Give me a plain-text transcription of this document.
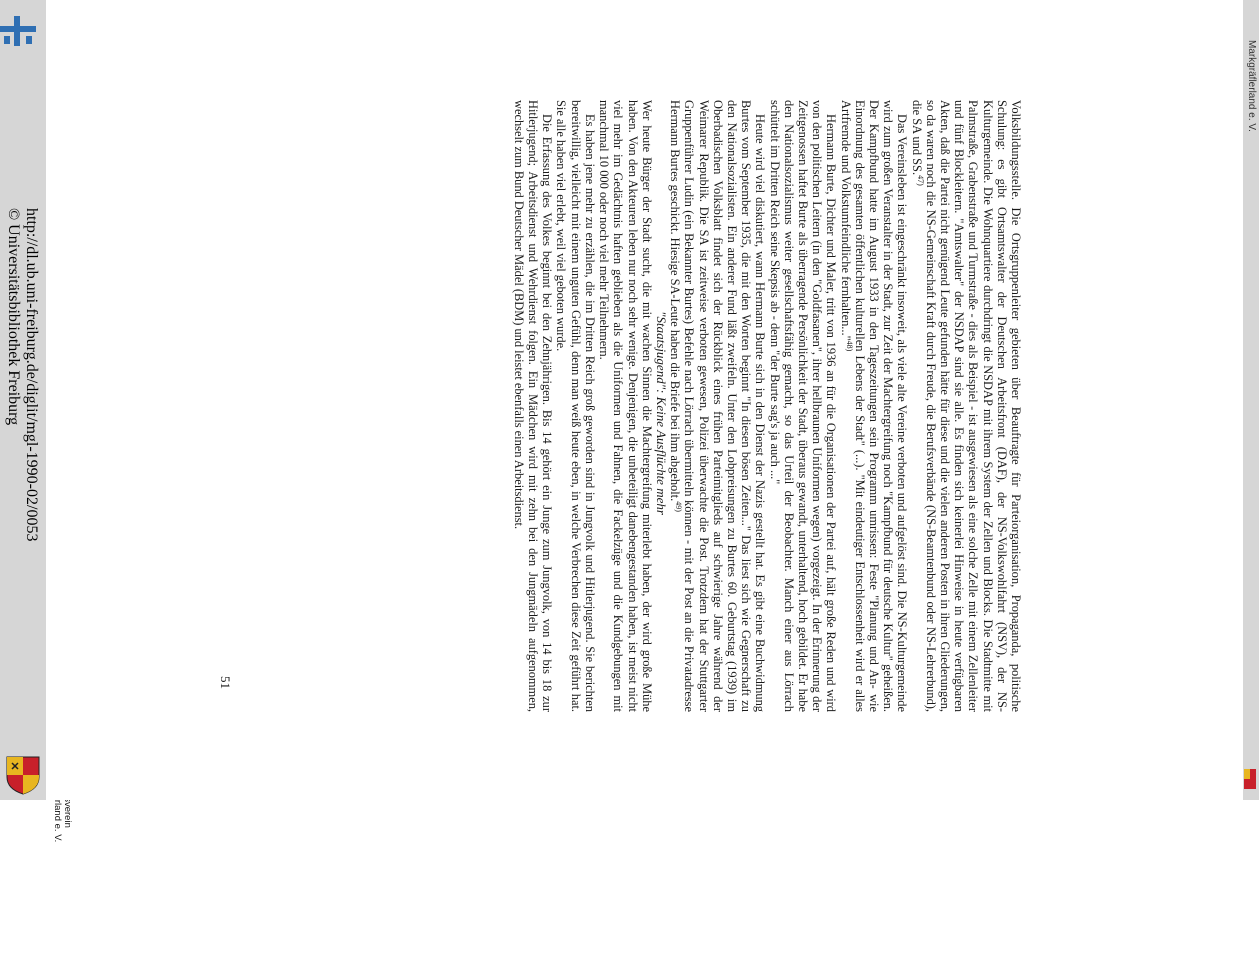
http://dl.ub.uni-freiburg.de/diglit/mgl-1990-02/0053
© Universitätsbibliothek Freiburg	Volksbildungsstelle. Die Ortsgruppenleiter gebieten über Beauftragte für Parteiorganisation, Propaganda, politische Schulung: es gibt Ortsamtswalter der Deutschen Arbeitsfront (DAF), der NS-Volkswohlfahrt (NSV), der NS-Kulturgemeinde. Die Wohnquartiere durchdringt die NSDAP mit ihrem System der Zellen und Blocks. Die Stadtmitte mit Palmstraße, Grabenstraße und Turmstraße - dies als Beispiel - ist ausgewiesen als eine solche Zelle mit einem Zellenleiter und fünf Blockleitern. "Amtswalter" der NSDAP sind sie alle. Es finden sich keinerlei Hinweise in heute verfügbaren Akten, daß die Partei nicht genügend Leute gefunden hätte für diese und die vielen anderen Posten in ihren Gliederungen, so da waren noch die NS-Gemeinschaft Kraft durch Freude, die Berufsverbände (NS-Beamtenbund oder NS-Lehrerbund), die SA und SS.$^{47)}$

Das Vereinsleben ist eingeschränkt insoweit, als viele alte Vereine verboten und aufgelöst sind. Die NS-Kulturgemeinde wird zum großen Veranstalter in der Stadt, zur Zeit der Machtergreifung noch "Kampfbund für deutsche Kultur" geheißen. Der Kampfbund hatte im August 1933 in den Tageszeitungen sein Programm umrissen: Feste "Planung und An- wie Einordnung des gesamten öffentlichen kulturellen Lebens der Stadt" (...). "Mit eindeutiger Entschlossenheit wird er alles Artfremde und Volkstumfeindliche fernhalten..."$^{48)}$

Hermann Burte, Dichter und Maler, tritt von 1936 an für die Organisationen der Partei auf, hält große Reden und wird von den politischen Leitern (in den "Goldfasanen", ihrer hellbraunen Uniformen wegen) vorgezeigt. In der Erinnerung der Zeitgenossen haftet Burte als überragende Persönlichkeit der Stadt, überaus gewandt, unterhaltend, hoch gebildet. Er habe den Nationalsozialismus weiter gesellschaftsfähig gemacht, so das Urteil der Beobachter. Manch einer aus Lörrach schüttelt im Dritten Reich seine Skepsis ab - denn "der Burte sag's ja auch ..."

Heute wird viel diskutiert, wann Hermann Burte sich in den Dienst der Nazis gestellt hat. Es gibt eine Buchwidmung Burtes vom September 1935, die mit den Worten beginnt "In diesen bösen Zeiten..." Das liest sich wie Gegnerschaft zu den Nationalsozialisten. Ein anderer Fund läßt zweifeln. Unter den Lobpreisungen zu Burtes 60. Geburtstag (1939) im Oberbadischen Volksblatt findet sich der Rückblick eines frühen Parteimitglieds auf schwierige Jahre während der Weimarer Republik. Die SA ist zeitweise verboten gewesen, Polizei überwachte die Post. Trotzdem hat der Stuttgarter Gruppenführer Ludin (ein Bekannter Burtes) Befehle nach Lörrach übermitteln können - mit der Post an die Privatadresse Hermann Burtes geschickt. Hiesige SA-Leute haben die Briefe bei ihm abgeholt.$^{49)}$

"Staatsjugend": Keine Ausflüchte mehr

Wer heute Bürger der Stadt sucht, die mit wachen Sinnen die Machtergreifung miterlebt haben, der wird große Mühe haben. Von den Akteuren leben nur noch sehr wenige. Denjenigen, die unbeteiligt danebengestanden haben, ist meist nicht viel mehr im Gedächtnis haften geblieben als die Uniformen und Fahnen, die Fackelzüge und die Kundgebungen mit manchmal 10 000 oder noch viel mehr Teilnehmern.

Es haben jene mehr zu erzählen, die im Dritten Reich groß geworden sind in Jungvolk und Hitlerjugend. Sie berichten bereitwillig, vielleicht mit einem unguten Gefühl, denn man weiß heute eben, in welche Verbrechen diese Zeit geführt hat. Sie alle haben viel erlebt, weil viel geboten wurde.

Die Erfassung des Volkes beginnt bei den Zehnjährigen. Bis 14 gehört ein Junge zum Jungvolk, von 14 bis 18 zur Hitlerjugend; Arbeitsdienst und Wehrdienst folgen. Ein Mädchen wird mit zehn bei den Jungmädeln aufgenommen, wechselt zum Bund Deutscher Mädel (BDM) und leistet ebenfalls einen Arbeitsdienst.

51
Markgräflerland e. V.
